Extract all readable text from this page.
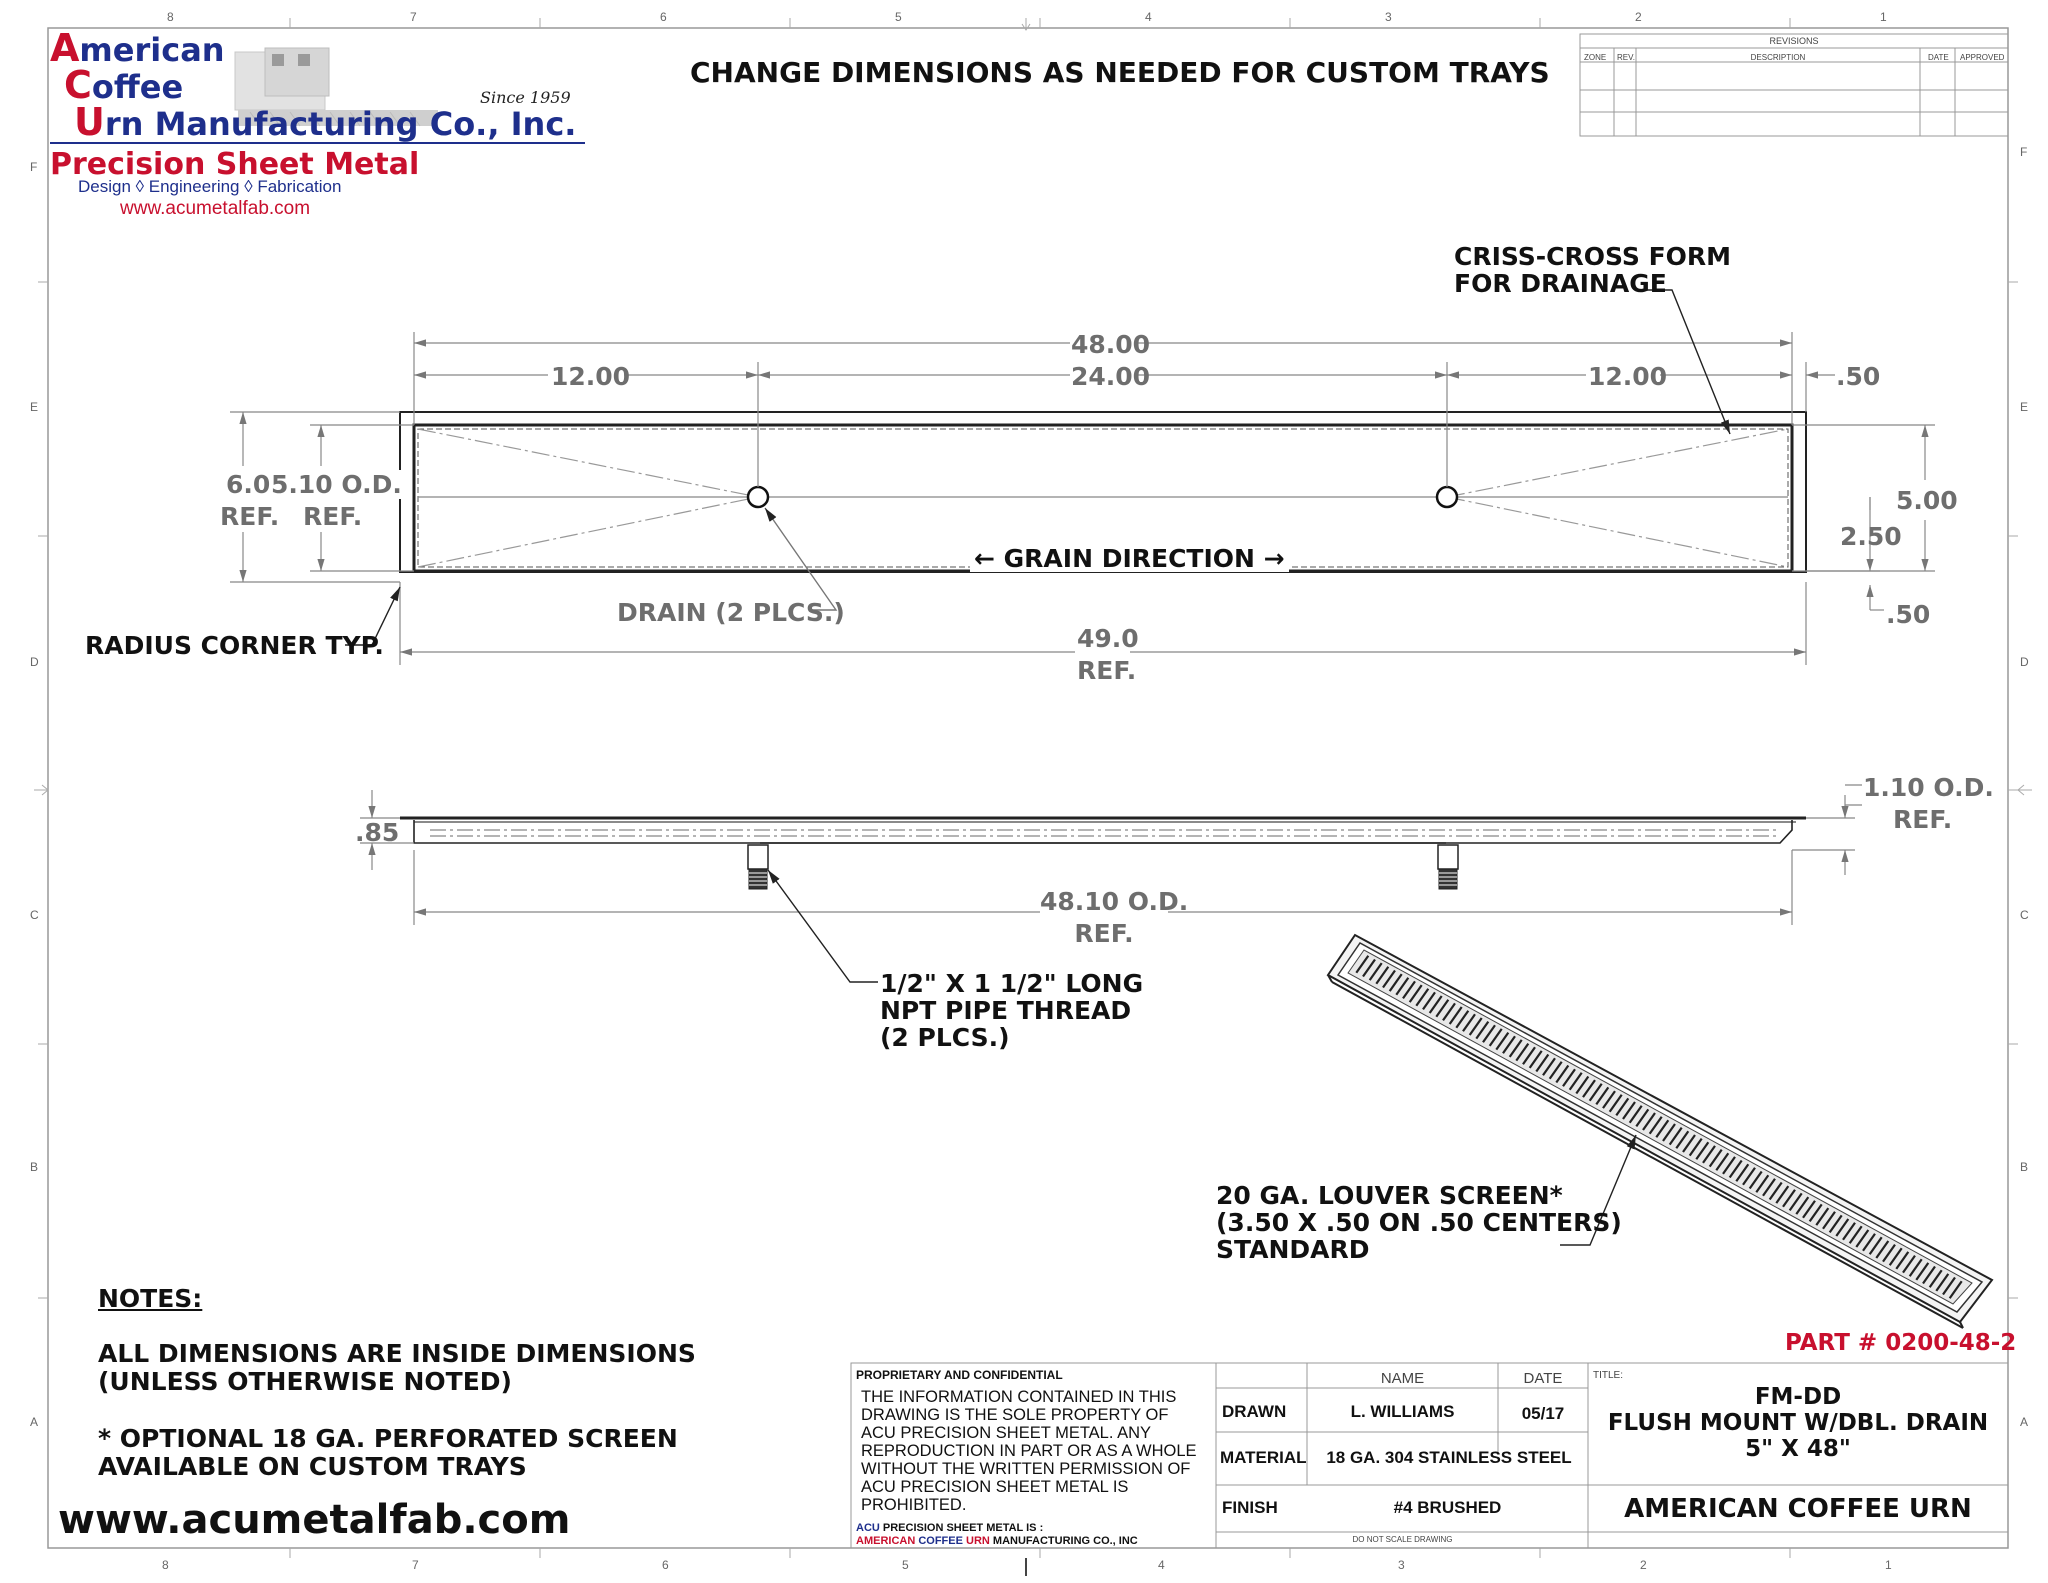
8	7	6	5	4	3	2	1
8	7	6	5	4	3	2	1
F
E
D
C
B
A
F
E
D
C
B
A
American
Coffee
Urn Manufacturing Co., Inc.
Since 1959
Precision Sheet Metal
Design ◊ Engineering ◊ Fabrication
www.acumetalfab.com
CHANGE DIMENSIONS AS NEEDED FOR CUSTOM TRAYS
REVISIONS
ZONE REV.	DESCRIPTION	DATE APPROVED
CRISS-CROSS FORM
FOR DRAINAGE
48.00
12.00	24.00	12.00	.50
5.00
2.50
.50
6.0
REF.
5.10 O.D.
REF.
← GRAIN DIRECTION →
DRAIN (2 PLCS.)
RADIUS CORNER TYP.	49.0
REF.
.85
1.10 O.D.
REF.
48.10 O.D.
REF.
1/2" X 1 1/2" LONG
NPT PIPE THREAD
(2 PLCS.)
20 GA. LOUVER SCREEN*
(3.50 X .50 ON .50 CENTERS)
STANDARD
NOTES:
ALL DIMENSIONS ARE INSIDE DIMENSIONS
(UNLESS OTHERWISE NOTED)
* OPTIONAL 18 GA. PERFORATED SCREEN
AVAILABLE ON CUSTOM TRAYS
www.acumetalfab.com
PART # 0200-48-2
PROPRIETARY AND CONFIDENTIAL
THE INFORMATION CONTAINED IN THIS
DRAWING IS THE SOLE PROPERTY OF
ACU PRECISION SHEET METAL. ANY
REPRODUCTION IN PART OR AS A WHOLE
WITHOUT THE WRITTEN PERMISSION OF
ACU PRECISION SHEET METAL IS
PROHIBITED.
ACU PRECISION SHEET METAL IS :
AMERICAN COFFEE URN MANUFACTURING CO., INC
NAME	DATE
DRAWN	L. WILLIAMS	05/17
MATERIAL	18 GA. 304 STAINLESS STEEL
FINISH	#4 BRUSHED
DO NOT SCALE DRAWING
TITLE:
FM-DD
FLUSH MOUNT W/DBL. DRAIN
5" X 48"
AMERICAN COFFEE URN
